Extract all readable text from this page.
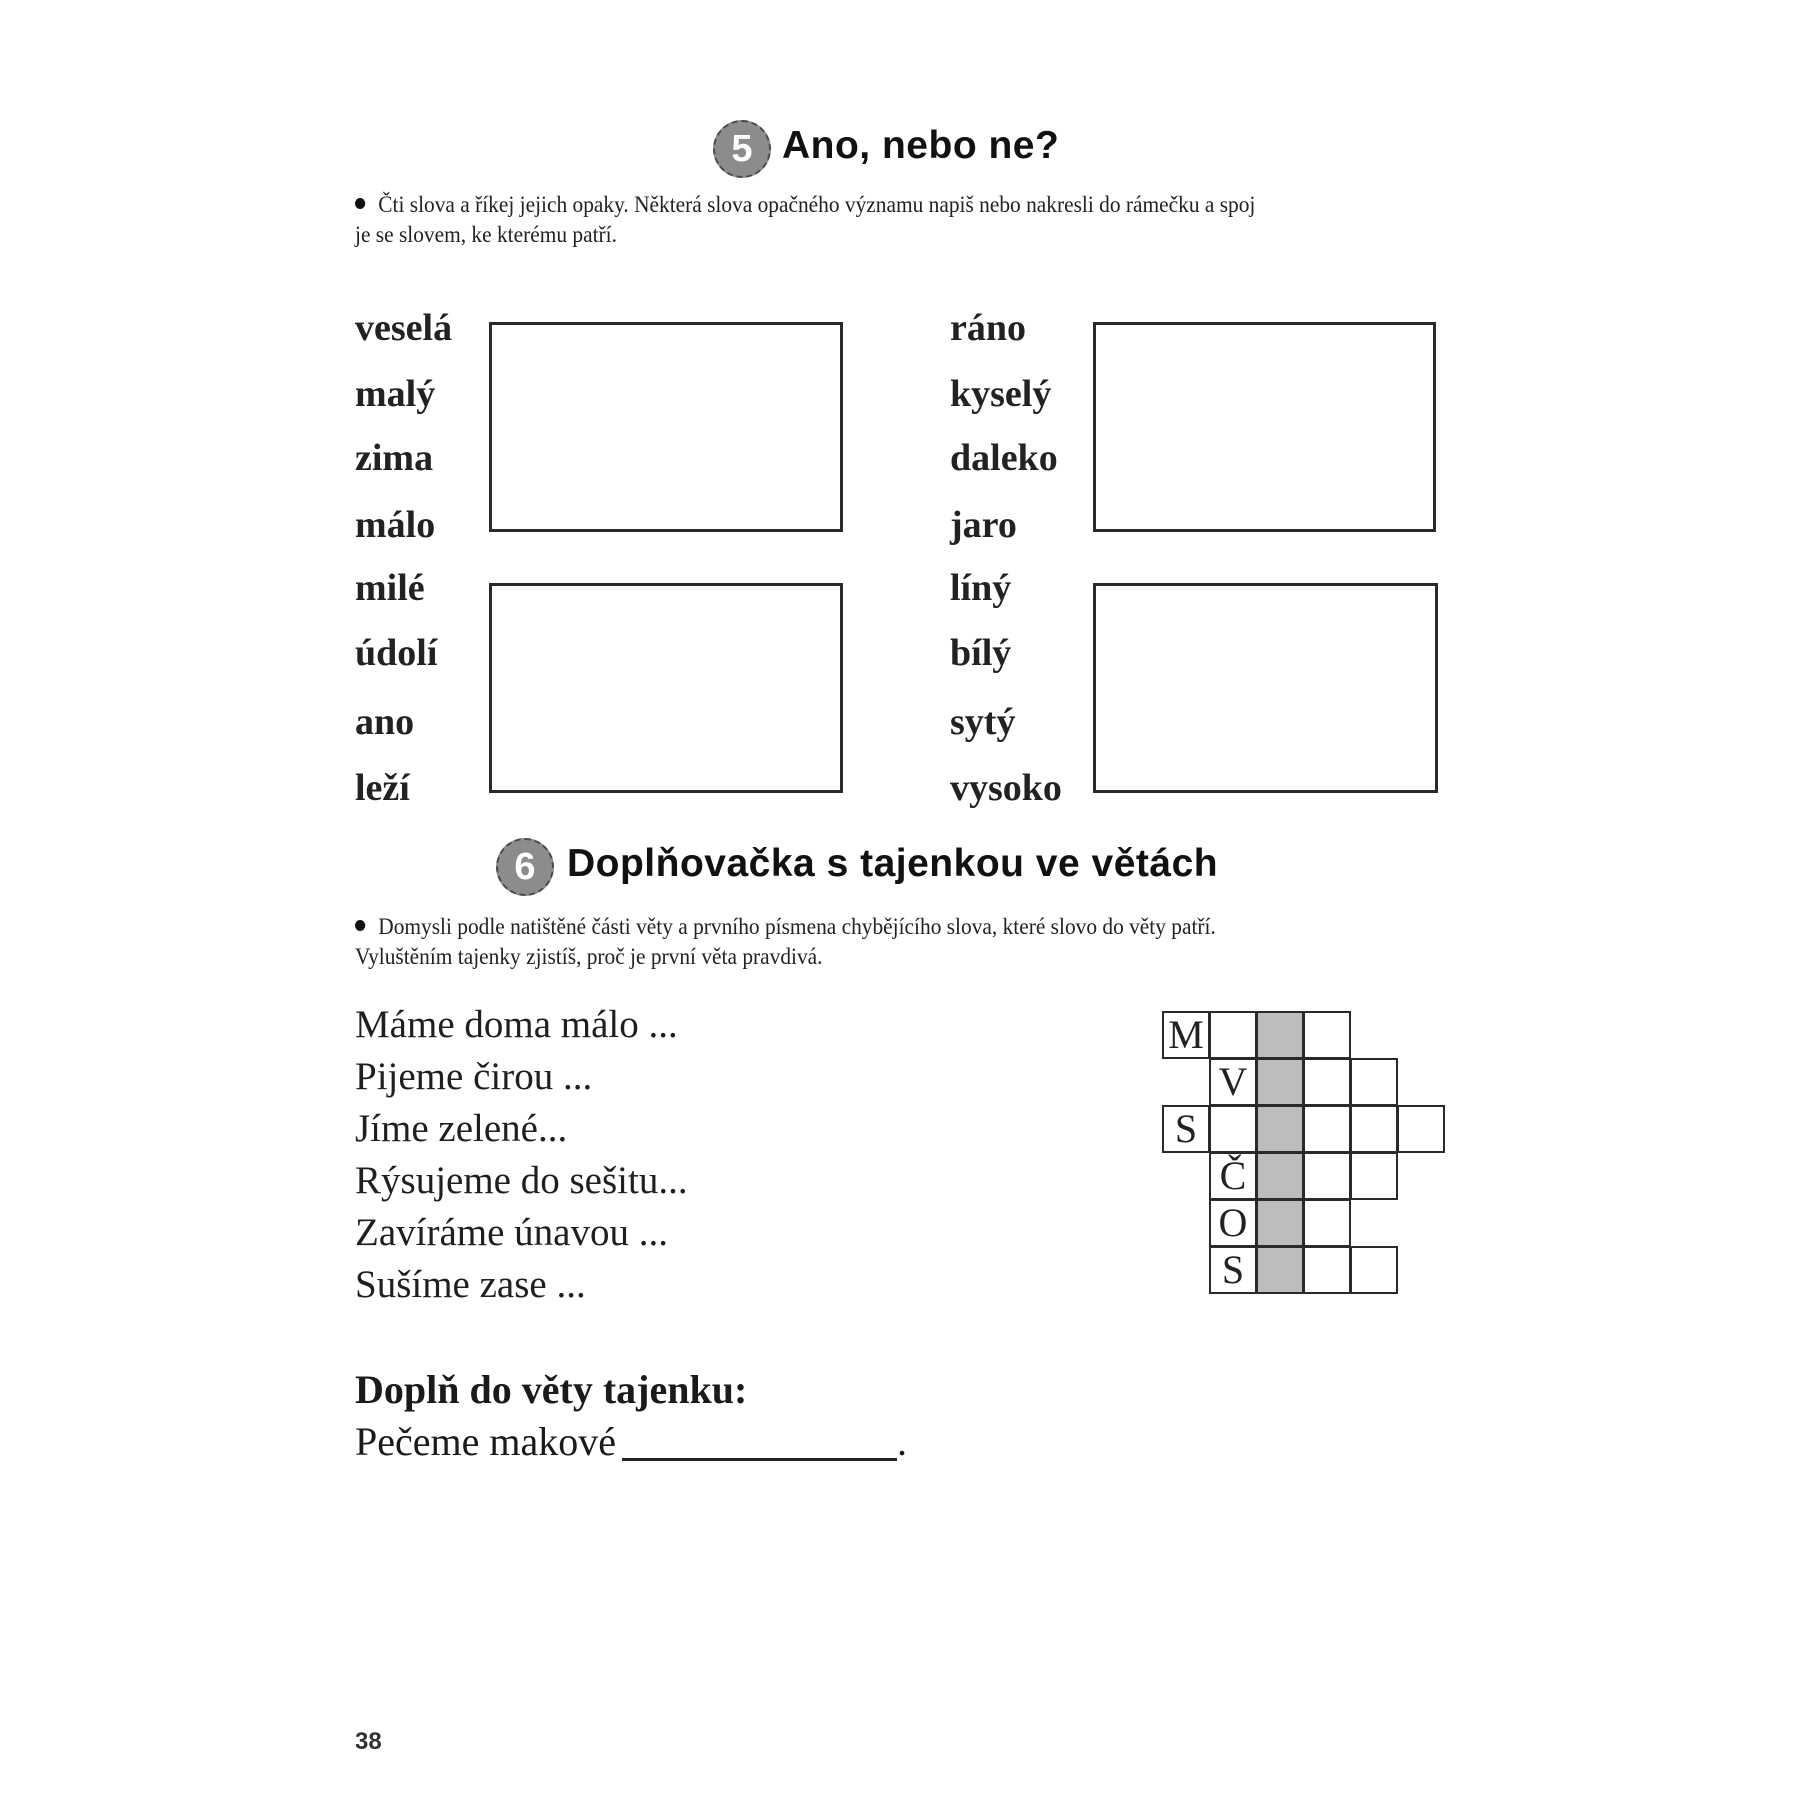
5 Ano, nebo ne?
Čti slova a říkej jejich opaky. Některá slova opačného významu napiš nebo nakresli do rámečku a spoj
je se slovem, ke kterému patří.
veselá
malý
zima
málo
milé
údolí
ano
leží
ráno
kyselý
daleko
jaro
líný
bílý
sytý
vysoko
6 Doplňovačka s tajenkou ve větách
Domysli podle natištěné části věty a prvního písmena chybějícího slova, které slovo do věty patří.
Vyluštěním tajenky zjistíš, proč je první věta pravdivá.
Máme doma málo ...
Pijeme čirou ...
Jíme zelené...
Rýsujeme do sešitu...
Zavíráme únavou ...
Sušíme zase ...
M
V
S
Č
O
S
Doplň do věty tajenku:
Pečeme makové	.
38
